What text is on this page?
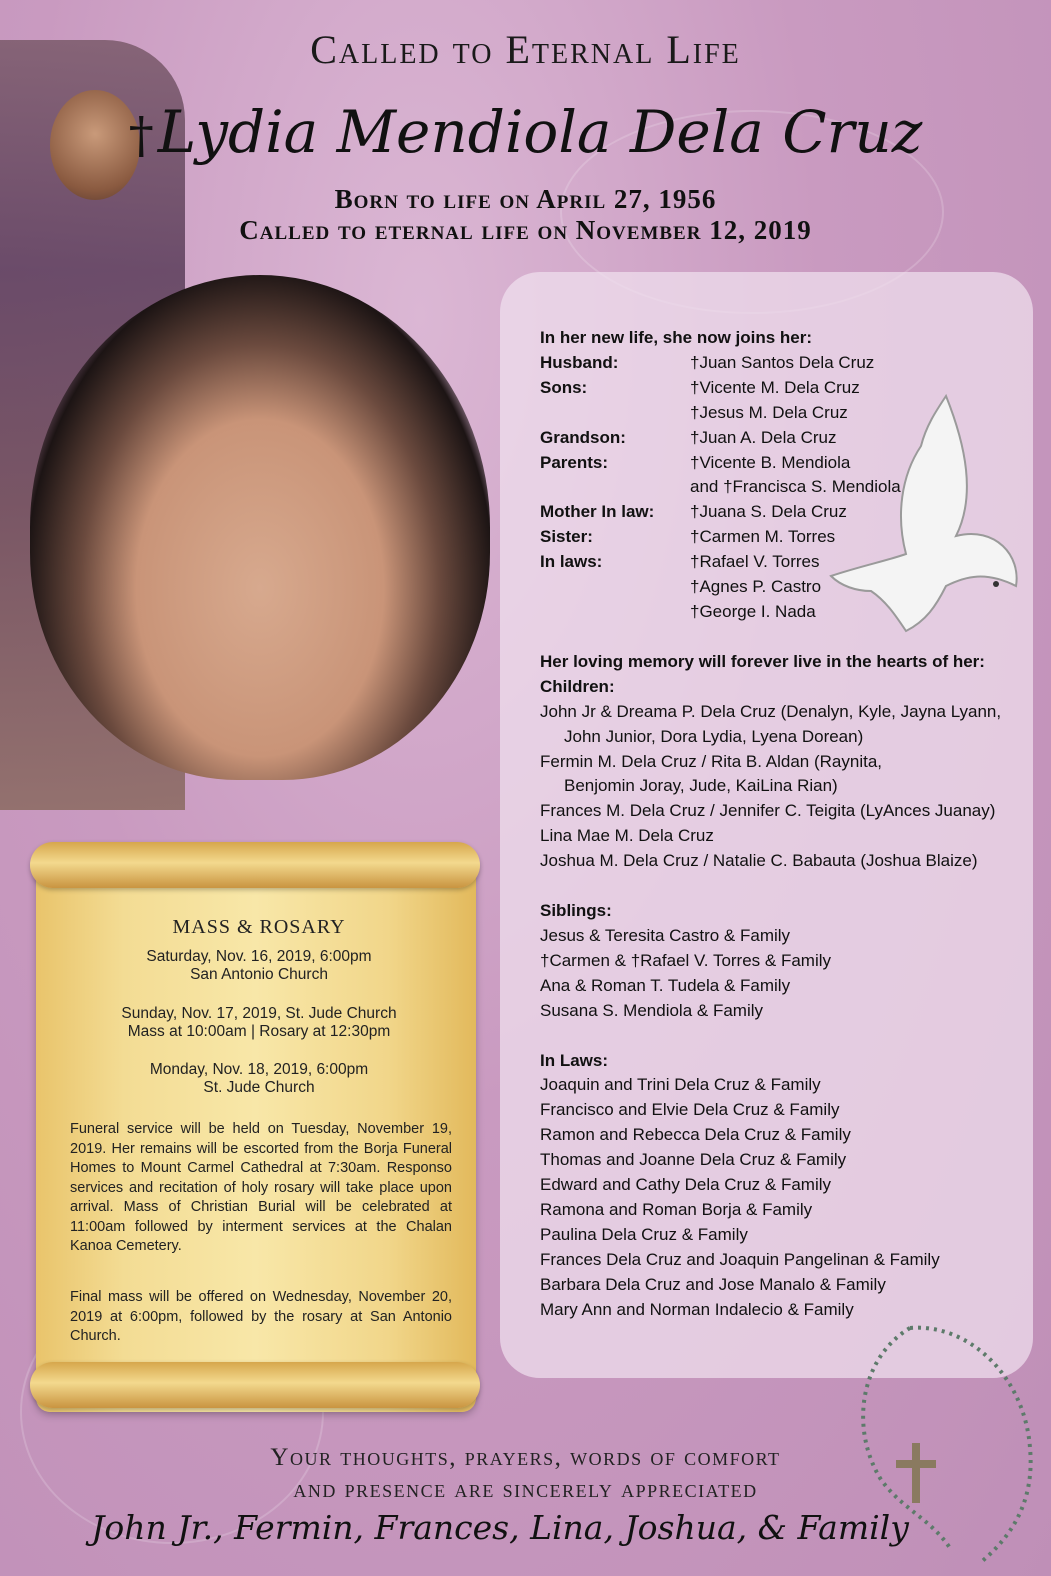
Called to Eternal Life
†Lydia Mendiola Dela Cruz
Born to life on April 27, 1956
Called to eternal life on November 12, 2019
In her new life, she now joins her:
Husband:	†Juan Santos Dela Cruz
Sons:	†Vicente M. Dela Cruz
†Jesus M. Dela Cruz
Grandson:	†Juan A. Dela Cruz
Parents:	†Vicente B. Mendiola
and †Francisca S. Mendiola
Mother In law:	†Juana S. Dela Cruz
Sister:	†Carmen M. Torres
In laws:	†Rafael V. Torres
†Agnes P. Castro
†George I. Nada
Her loving memory will forever live in the hearts of her:
Children:
John Jr & Dreama P. Dela Cruz (Denalyn, Kyle, Jayna Lyann,
John Junior, Dora Lydia, Lyena Dorean)
Fermin M. Dela Cruz / Rita B. Aldan (Raynita,
Benjomin Joray, Jude, KaiLina Rian)
Frances M. Dela Cruz / Jennifer C. Teigita (LyAnces Juanay)
Lina Mae M. Dela Cruz
Joshua M. Dela Cruz / Natalie C. Babauta (Joshua Blaize)
Siblings:
Jesus & Teresita Castro & Family
†Carmen & †Rafael V. Torres & Family
Ana & Roman T. Tudela & Family
Susana S. Mendiola & Family
In Laws:
Joaquin and Trini Dela Cruz & Family
Francisco and Elvie Dela Cruz & Family
Ramon and Rebecca Dela Cruz & Family
Thomas and Joanne Dela Cruz & Family
Edward and Cathy Dela Cruz & Family
Ramona and Roman Borja & Family
Paulina Dela Cruz & Family
Frances Dela Cruz and Joaquin Pangelinan & Family
Barbara Dela Cruz and Jose Manalo & Family
Mary Ann and Norman Indalecio & Family
MASS & ROSARY
Saturday, Nov. 16, 2019, 6:00pm
San Antonio Church
Sunday, Nov. 17, 2019, St. Jude Church
Mass at 10:00am | Rosary at 12:30pm
Monday, Nov. 18, 2019, 6:00pm
St. Jude Church
Funeral service will be held on Tuesday, November 19, 2019. Her remains will be escorted from the Borja Funeral Homes to Mount Carmel Cathedral at 7:30am. Responso services and recitation of holy rosary will take place upon arrival. Mass of Christian Burial will be celebrated at 11:00am followed by interment services at the Chalan Kanoa Cemetery.
Final mass will be offered on Wednesday, November 20, 2019 at 6:00pm, followed by the rosary at San Antonio Church.
Your thoughts, prayers, words of comfort
and presence are sincerely appreciated
John Jr., Fermin, Frances, Lina, Joshua, & Family
